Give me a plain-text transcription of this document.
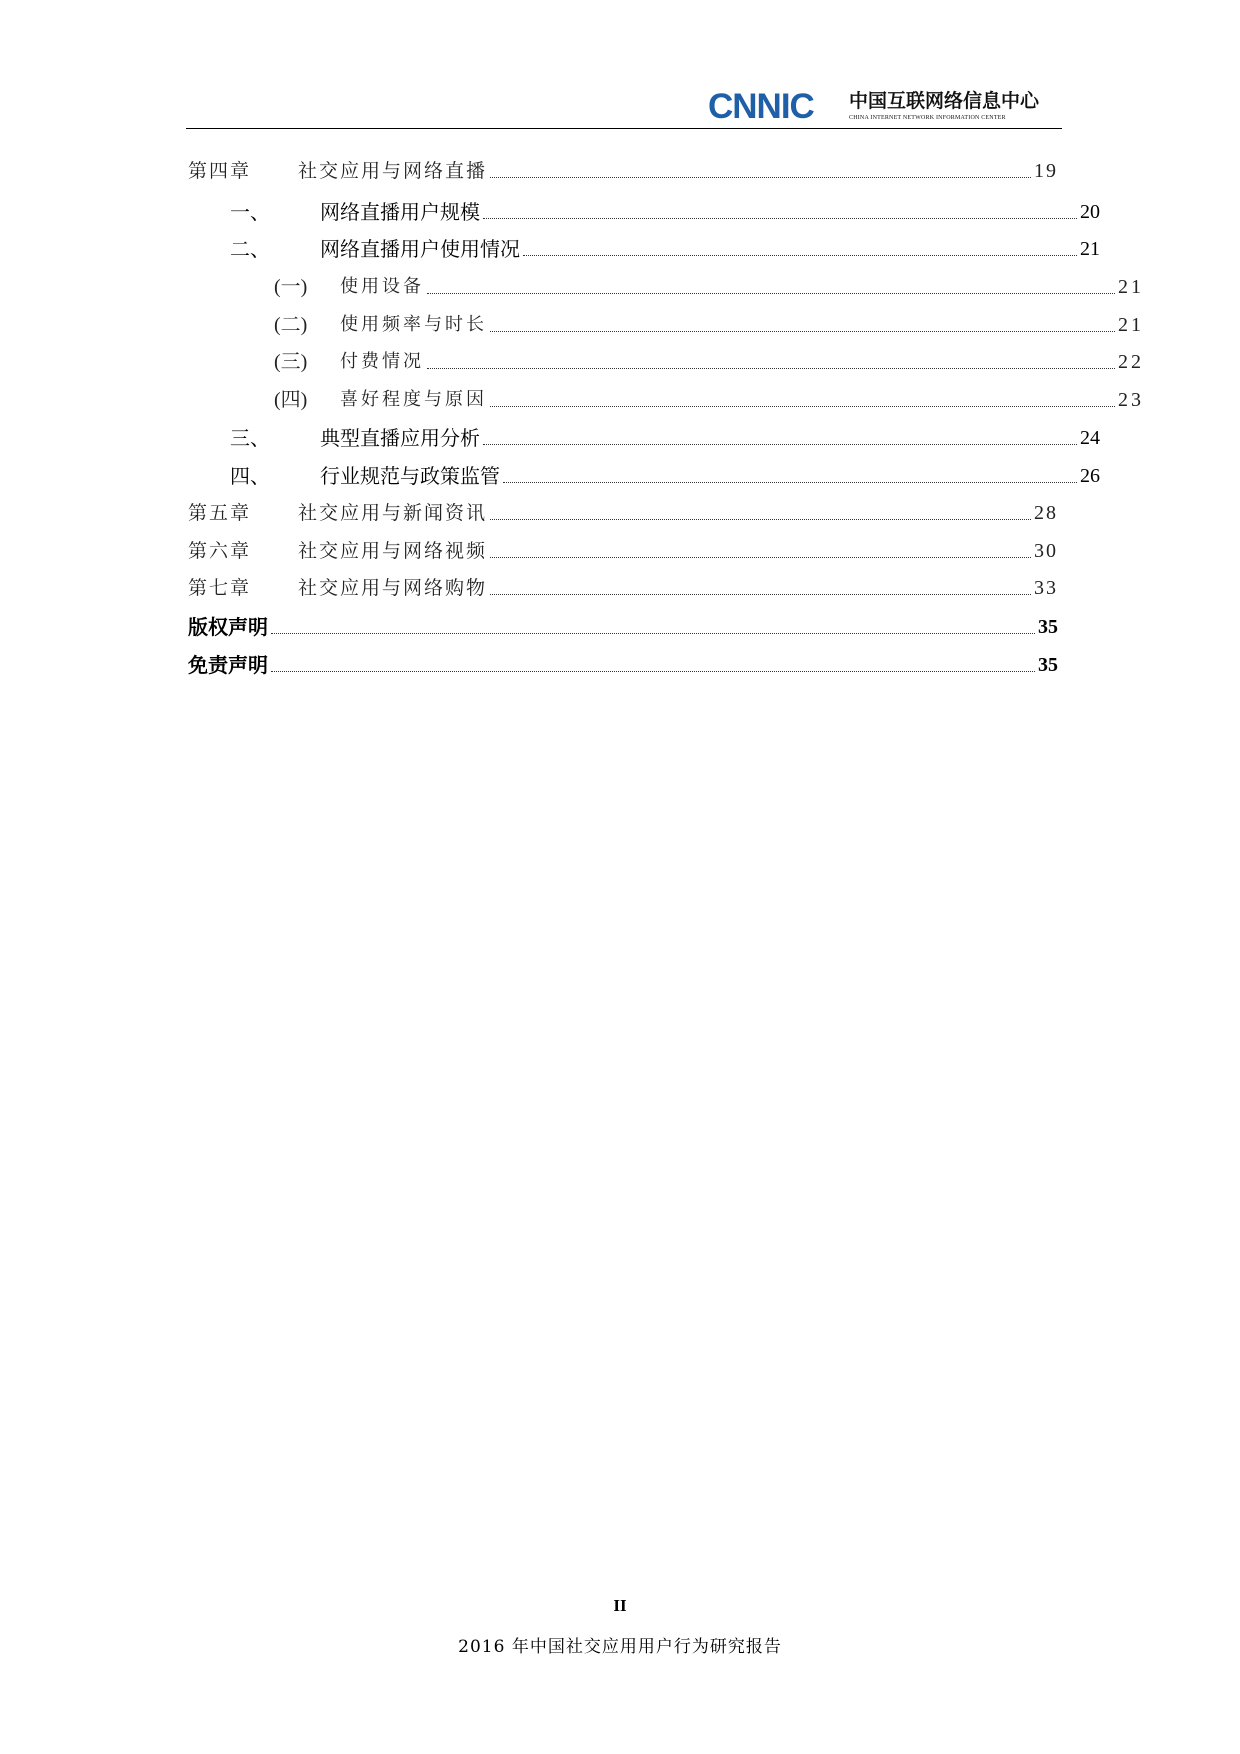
CNNIC	中国互联网络信息中心
CHINA INTERNET NETWORK INFORMATION CENTER
第四章	社交应用与网络直播	19
一、	网络直播用户规模	20
二、	网络直播用户使用情况	21
(一)	使用设备	21
(二)	使用频率与时长	21
(三)	付费情况	22
(四)	喜好程度与原因	23
三、	典型直播应用分析	24
四、	行业规范与政策监管	26
第五章	社交应用与新闻资讯	28
第六章	社交应用与网络视频	30
第七章	社交应用与网络购物	33
版权声明	35
免责声明	35
II
2016 年中国社交应用用户行为研究报告
